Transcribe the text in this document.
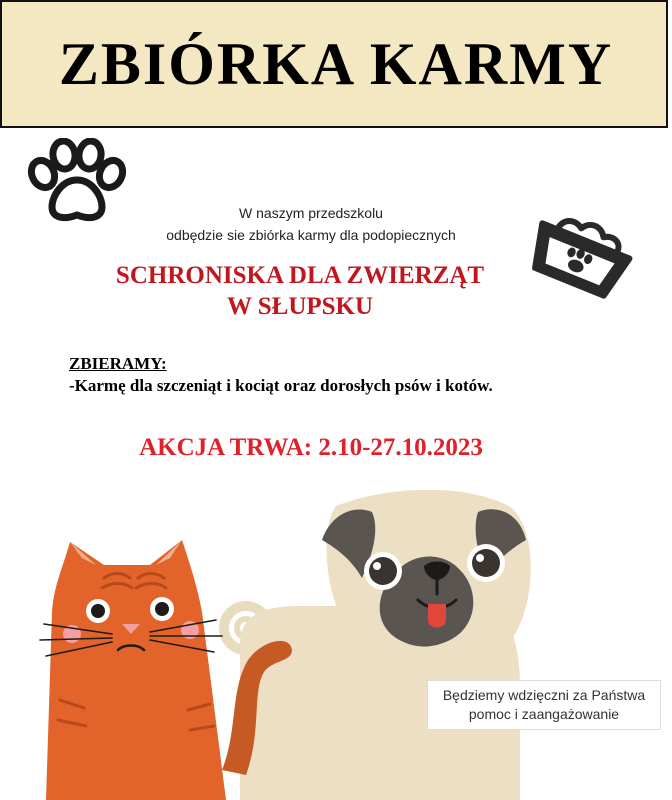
ZBIÓRKA KARMY
W naszym przedszkolu
odbędzie sie zbiórka karmy dla podopiecznych
SCHRONISKA DLA ZWIERZĄT
W SŁUPSKU
ZBIERAMY:
-Karmę dla szczeniąt i kociąt oraz dorosłych psów i kotów.
AKCJA TRWA: 2.10-27.10.2023
Będziemy wdzięczni za Państwa
pomoc i zaangażowanie
